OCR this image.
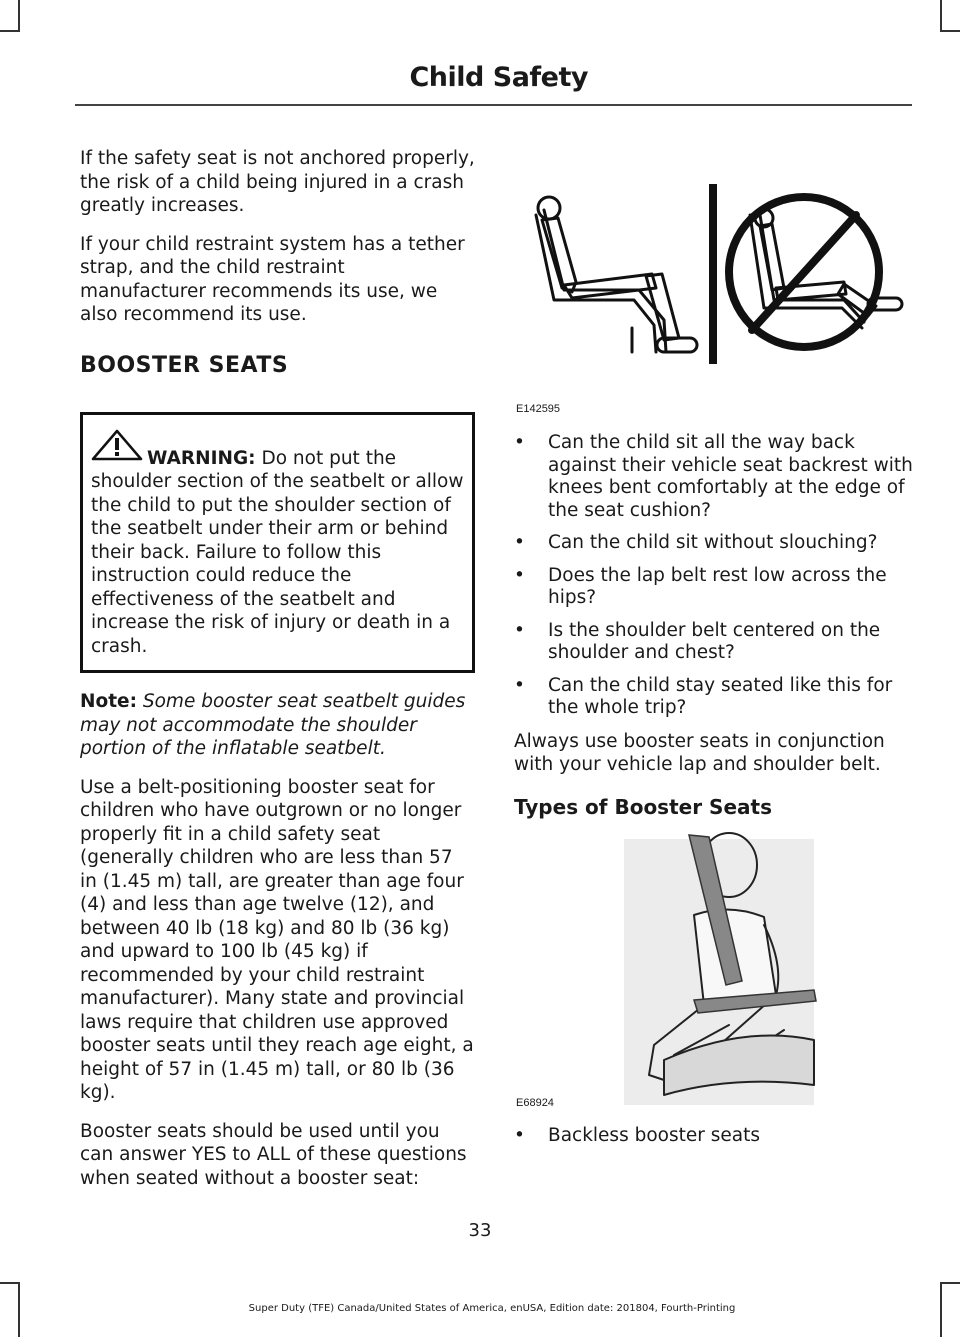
Child Safety

If the safety seat is not anchored properly, the risk of a child being injured in a crash greatly increases.

If your child restraint system has a tether strap, and the child restraint manufacturer recommends its use, we also recommend its use.

BOOSTER SEATS
WARNING: Do not put the
shoulder section of the seatbelt or allow the child to put the shoulder section of the seatbelt under their arm or behind their back. Failure to follow this instruction could reduce the effectiveness of the seatbelt and increase the risk of injury or death in a crash.

Note: Some booster seat seatbelt guides may not accommodate the shoulder portion of the inflatable seatbelt.

Use a belt-positioning booster seat for children who have outgrown or no longer properly fit in a child safety seat (generally children who are less than 57 in (1.45 m) tall, are greater than age four (4) and less than age twelve (12), and between 40 lb (18 kg) and 80 lb (36 kg) and upward to 100 lb (45 kg) if recommended by your child restraint manufacturer). Many state and provincial laws require that children use approved booster seats until they reach age eight, a height of 57 in (1.45 m) tall, or 80 lb (36 kg).

Booster seats should be used until you can answer YES to ALL of these questions when seated without a booster seat:

E142595
• Can the child sit all the way back against their vehicle seat backrest with knees bent comfortably at the edge of the seat cushion?
• Can the child sit without slouching?
• Does the lap belt rest low across the hips?
• Is the shoulder belt centered on the shoulder and chest?
• Can the child stay seated like this for the whole trip?

Always use booster seats in conjunction with your vehicle lap and shoulder belt.

Types of Booster Seats
E68924
• Backless booster seats
33
Super Duty (TFE) Canada/United States of America, enUSA, Edition date: 201804, Fourth-Printing
